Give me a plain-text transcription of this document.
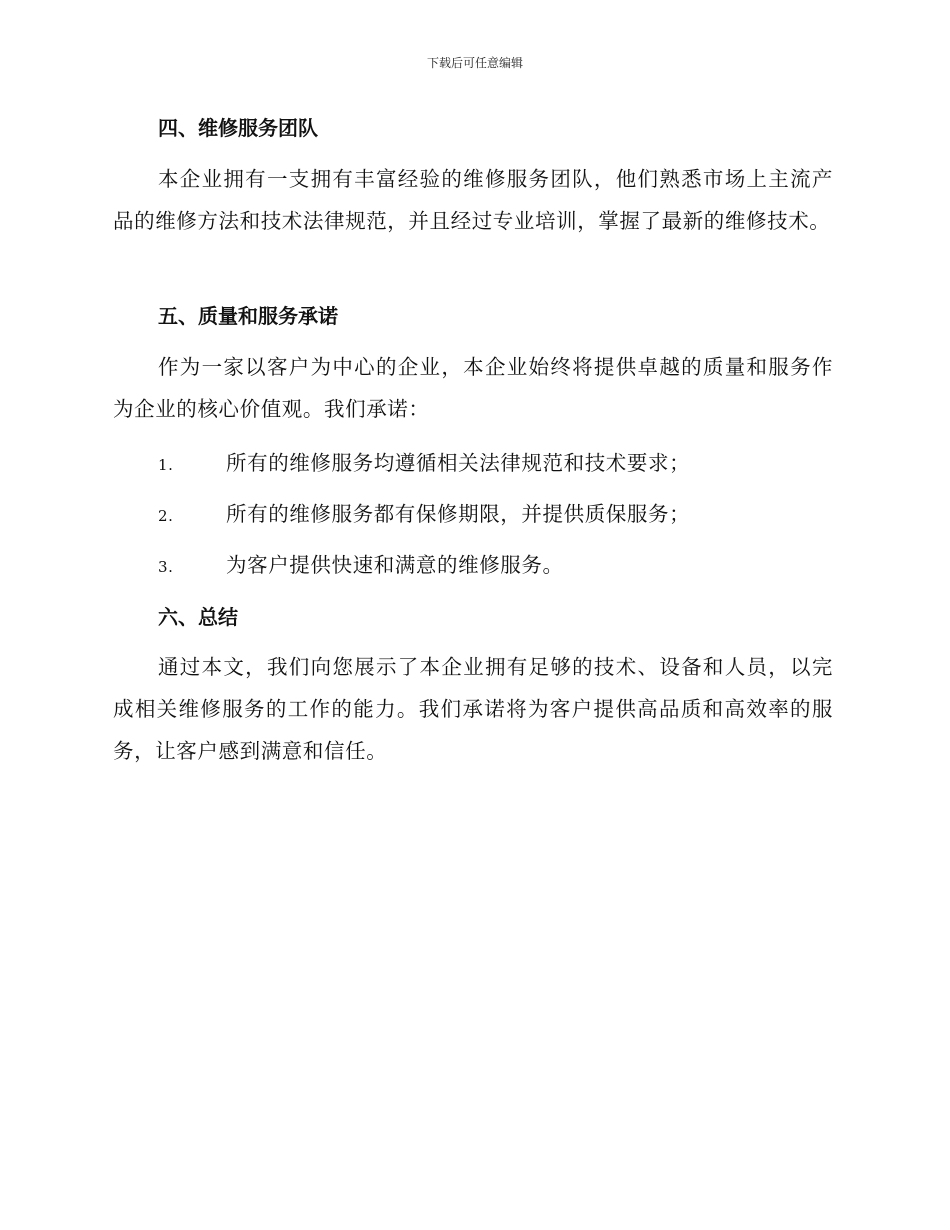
下载后可任意编辑
四、维修服务团队

本企业拥有一支拥有丰富经验的维修服务团队，他们熟悉市场上主流产品的维修方法和技术法律规范，并且经过专业培训，掌握了最新的维修技术。

五、质量和服务承诺

作为一家以客户为中心的企业，本企业始终将提供卓越的质量和服务作为企业的核心价值观。我们承诺：

1.	所有的维修服务均遵循相关法律规范和技术要求；
2.	所有的维修服务都有保修期限，并提供质保服务；
3.	为客户提供快速和满意的维修服务。
六、总结

通过本文，我们向您展示了本企业拥有足够的技术、设备和人员，以完成相关维修服务的工作的能力。我们承诺将为客户提供高品质和高效率的服务，让客户感到满意和信任。
